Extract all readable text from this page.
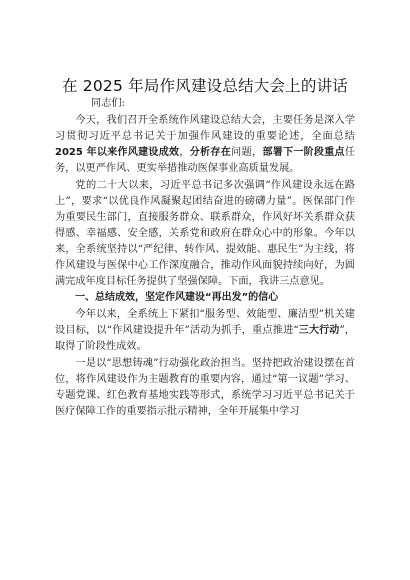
在 2025 年局作风建设总结大会上的讲话
同志们:

今天，我们召开全系统作风建设总结大会，主要任务是深入学习贯彻习近平总书记关于加强作风建设的重要论述，全面总结2025 年以来作风建设成效，分析存在问题，部署下一阶段重点任务，以更严作风、更实举措推动医保事业高质量发展。

党的二十大以来，习近平总书记多次强调“作风建设永远在路上”，要求“以优良作风凝聚起团结奋进的磅礴力量”。医保部门作为重要民生部门，直接服务群众、联系群众，作风好坏关系群众获得感、幸福感、安全感，关系党和政府在群众心中的形象。今年以来，全系统坚持以“严纪律、转作风、提效能、惠民生”为主线，将作风建设与医保中心工作深度融合，推动作风面貌持续向好，为圆满完成年度目标任务提供了坚强保障。下面，我讲三点意见。

一、总结成效，坚定作风建设“再出发”的信心

今年以来，全系统上下紧扣“服务型、效能型、廉洁型”机关建设目标，以“作风建设提升年”活动为抓手，重点推进“三大行动”，取得了阶段性成效。

一是以“思想铸魂”行动强化政治担当。坚持把政治建设摆在首位，将作风建设作为主题教育的重要内容，通过“第一议题”学习、专题党课、红色教育基地实践等形式，系统学习习近平总书记关于医疗保障工作的重要指示批示精神，全年开展集中学习
